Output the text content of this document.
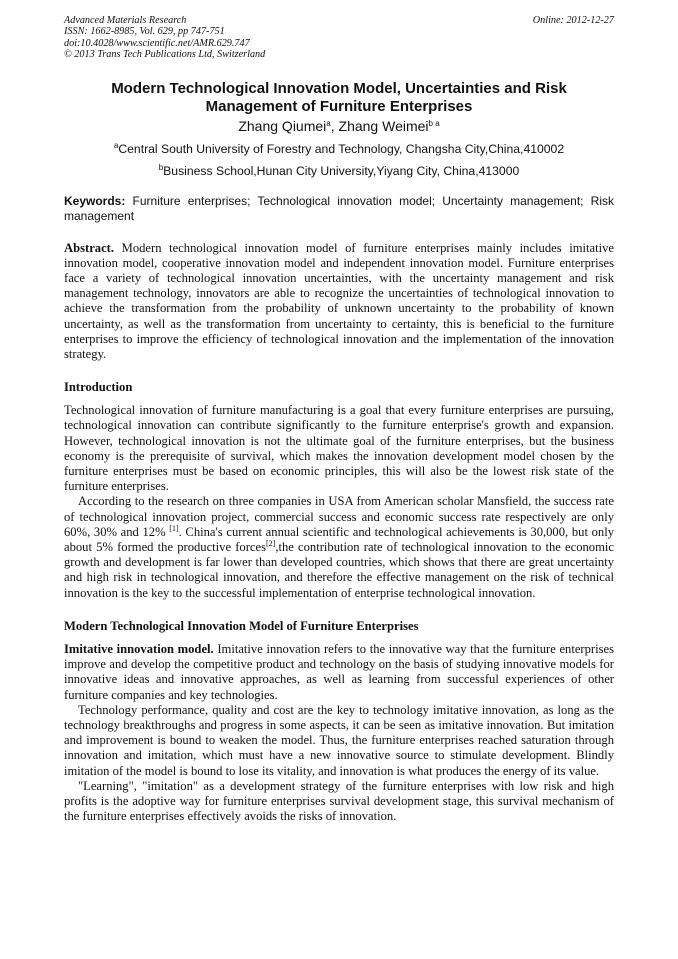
Advanced Materials Research
ISSN: 1662-8985, Vol. 629, pp 747-751
doi:10.4028/www.scientific.net/AMR.629.747
© 2013 Trans Tech Publications Ltd, Switzerland
Online: 2012-12-27
Modern Technological Innovation Model, Uncertainties and Risk
Management of Furniture Enterprises
Zhang Qiumei$^a$, Zhang Weimei$^{b a}$
$^a$Central South University of Forestry and Technology, Changsha City,China,410002
$^b$Business School,Hunan City University,Yiyang City, China,413000
Keywords: Furniture enterprises; Technological innovation model; Uncertainty management; Risk management

Abstract. Modern technological innovation model of furniture enterprises mainly includes imitative innovation model, cooperative innovation model and independent innovation model. Furniture enterprises face a variety of technological innovation uncertainties, with the uncertainty management and risk management technology, innovators are able to recognize the uncertainties of technological innovation to achieve the transformation from the probability of unknown uncertainty to the probability of known uncertainty, as well as the transformation from uncertainty to certainty, this is beneficial to the furniture enterprises to improve the efficiency of technological innovation and the implementation of the innovation strategy.

Introduction

Technological innovation of furniture manufacturing is a goal that every furniture enterprises are pursuing, technological innovation can contribute significantly to the furniture enterprise's growth and expansion. However, technological innovation is not the ultimate goal of the furniture enterprises, but the business economy is the prerequisite of survival, which makes the innovation development model chosen by the furniture enterprises must be based on economic principles, this will also be the lowest risk state of the furniture enterprises.

According to the research on three companies in USA from American scholar Mansfield, the success rate of technological innovation project, commercial success and economic success rate respectively are only 60%, 30% and 12% [1]. China's current annual scientific and technological achievements is 30,000, but only about 5% formed the productive forces[2],the contribution rate of technological innovation to the economic growth and development is far lower than developed countries, which shows that there are great uncertainty and high risk in technological innovation, and therefore the effective management on the risk of technical innovation is the key to the successful implementation of enterprise technological innovation.

Modern Technological Innovation Model of Furniture Enterprises

Imitative innovation model. Imitative innovation refers to the innovative way that the furniture enterprises improve and develop the competitive product and technology on the basis of studying innovative models for innovative ideas and innovative approaches, as well as learning from successful experiences of other furniture companies and key technologies.

Technology performance, quality and cost are the key to technology imitative innovation, as long as the technology breakthroughs and progress in some aspects, it can be seen as imitative innovation. But imitation and improvement is bound to weaken the model. Thus, the furniture enterprises reached saturation through innovation and imitation, which must have a new innovative source to stimulate development. Blindly imitation of the model is bound to lose its vitality, and innovation is what produces the energy of its value.

"Learning", "imitation" as a development strategy of the furniture enterprises with low risk and high profits is the adoptive way for furniture enterprises survival development stage, this survival mechanism of the furniture enterprises effectively avoids the risks of innovation.
